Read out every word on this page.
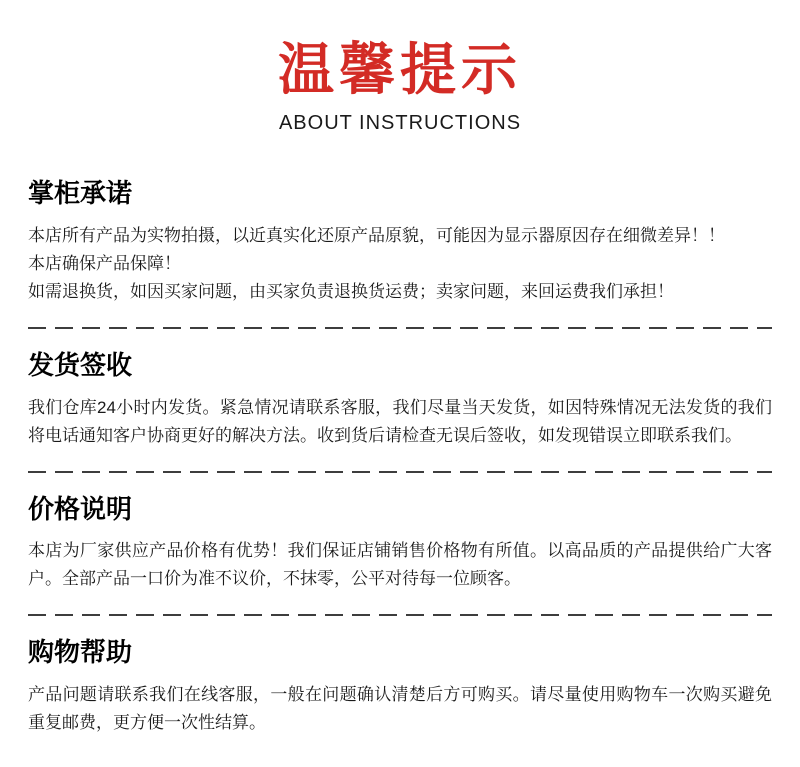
温馨提示
ABOUT INSTRUCTIONS
掌柜承诺

本店所有产品为实物拍摄，以近真实化还原产品原貌，可能因为显示器原因存在细微差异！！

本店确保产品保障！

如需退换货，如因买家问题，由买家负责退换货运费；卖家问题，来回运费我们承担！

发货签收

我们仓库24小时内发货。紧急情况请联系客服，我们尽量当天发货，如因特殊情况无法发货的我们将电话通知客户协商更好的解决方法。收到货后请检查无误后签收，如发现错误立即联系我们。

价格说明

本店为厂家供应产品价格有优势！我们保证店铺销售价格物有所值。以高品质的产品提供给广大客户。全部产品一口价为准不议价，不抹零，公平对待每一位顾客。

购物帮助

产品问题请联系我们在线客服，一般在问题确认清楚后方可购买。请尽量使用购物车一次购买避免重复邮费，更方便一次性结算。
